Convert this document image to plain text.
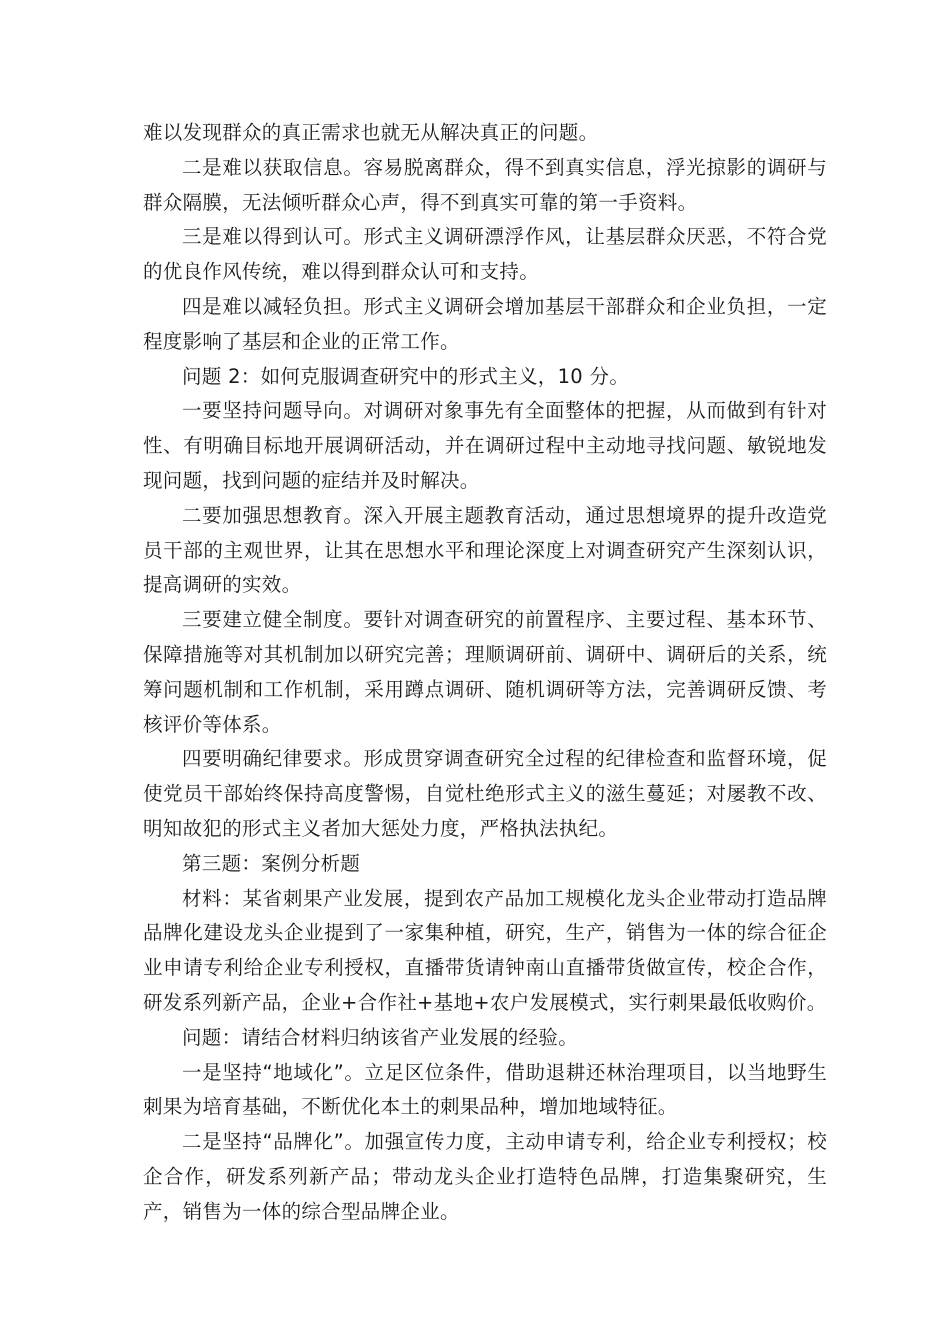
难以发现群众的真正需求也就无从解决真正的问题。

二是难以获取信息。容易脱离群众，得不到真实信息，浮光掠影的调研与群众隔膜，无法倾听群众心声，得不到真实可靠的第一手资料。

三是难以得到认可。形式主义调研漂浮作风，让基层群众厌恶，不符合党的优良作风传统，难以得到群众认可和支持。

四是难以减轻负担。形式主义调研会增加基层干部群众和企业负担，一定程度影响了基层和企业的正常工作。

问题 2：如何克服调查研究中的形式主义，10 分。

一要坚持问题导向。对调研对象事先有全面整体的把握，从而做到有针对性、有明确目标地开展调研活动，并在调研过程中主动地寻找问题、敏锐地发现问题，找到问题的症结并及时解决。

二要加强思想教育。深入开展主题教育活动，通过思想境界的提升改造党员干部的主观世界，让其在思想水平和理论深度上对调查研究产生深刻认识，提高调研的实效。

三要建立健全制度。要针对调查研究的前置程序、主要过程、基本环节、保障措施等对其机制加以研究完善；理顺调研前、调研中、调研后的关系，统筹问题机制和工作机制，采用蹲点调研、随机调研等方法，完善调研反馈、考核评价等体系。

四要明确纪律要求。形成贯穿调查研究全过程的纪律检查和监督环境，促使党员干部始终保持高度警惕，自觉杜绝形式主义的滋生蔓延；对屡教不改、明知故犯的形式主义者加大惩处力度，严格执法执纪。

第三题：案例分析题

材料：某省刺果产业发展，提到农产品加工规模化龙头企业带动打造品牌品牌化建设龙头企业提到了一家集种植，研究，生产，销售为一体的综合征企业申请专利给企业专利授权，直播带货请钟南山直播带货做宣传，校企合作，研发系列新产品，企业+合作社+基地+农户发展模式，实行刺果最低收购价。

问题：请结合材料归纳该省产业发展的经验。

一是坚持“地域化”。立足区位条件，借助退耕还林治理项目，以当地野生刺果为培育基础，不断优化本土的刺果品种，增加地域特征。

二是坚持“品牌化”。加强宣传力度，主动申请专利，给企业专利授权；校企合作，研发系列新产品；带动龙头企业打造特色品牌，打造集聚研究，生产，销售为一体的综合型品牌企业。
